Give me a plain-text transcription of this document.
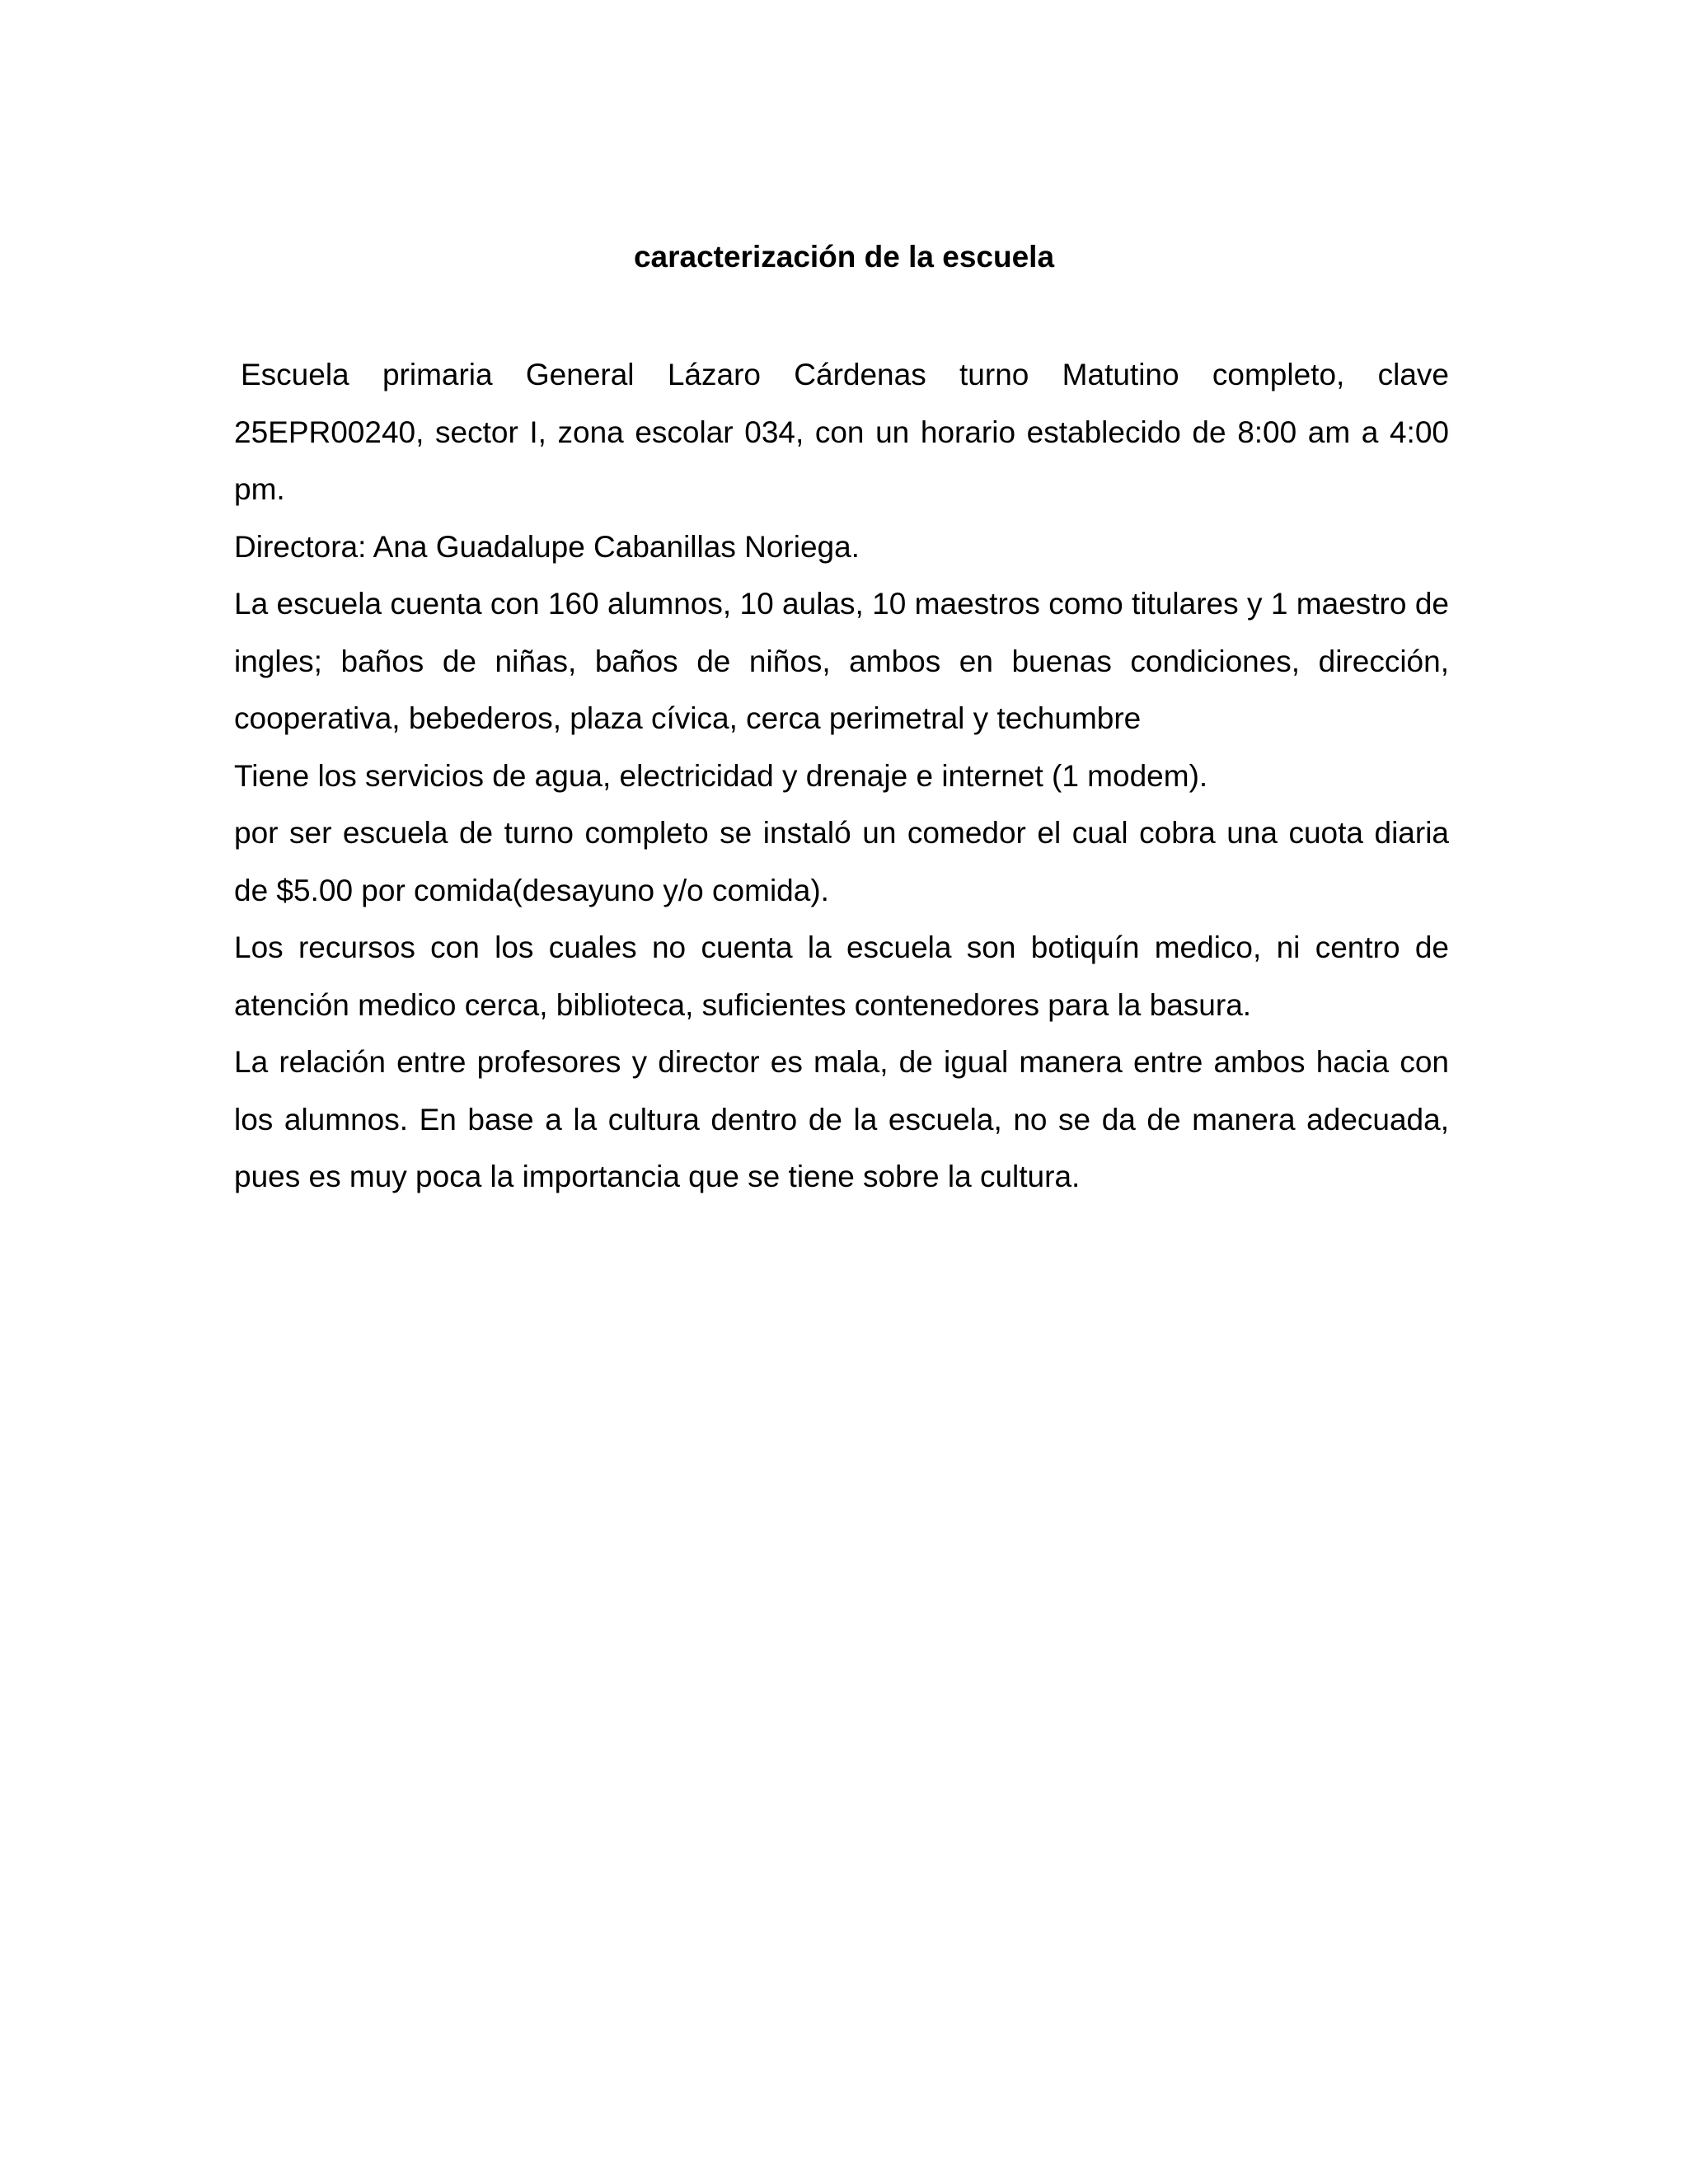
caracterización de la escuela

Escuela primaria General Lázaro Cárdenas turno Matutino completo, clave 25EPR00240, sector I, zona escolar 034, con un horario establecido de 8:00 am a 4:00 pm.

Directora: Ana Guadalupe Cabanillas Noriega.

La escuela cuenta con 160 alumnos, 10 aulas, 10 maestros como titulares y 1 maestro de ingles; baños de niñas, baños de niños, ambos en buenas condiciones, dirección, cooperativa, bebederos, plaza cívica, cerca perimetral y techumbre

Tiene los servicios de agua, electricidad y drenaje e internet (1 modem).

por ser escuela de turno completo se instaló un comedor el cual cobra una cuota diaria de $5.00 por comida(desayuno y/o comida).

Los recursos con los cuales no cuenta la escuela son botiquín medico, ni centro de atención medico cerca, biblioteca, suficientes contenedores para la basura.

La relación entre profesores y director es mala, de igual manera entre ambos hacia con los alumnos. En base a la cultura dentro de la escuela, no se da de manera adecuada, pues es muy poca la importancia que se tiene sobre la cultura.
